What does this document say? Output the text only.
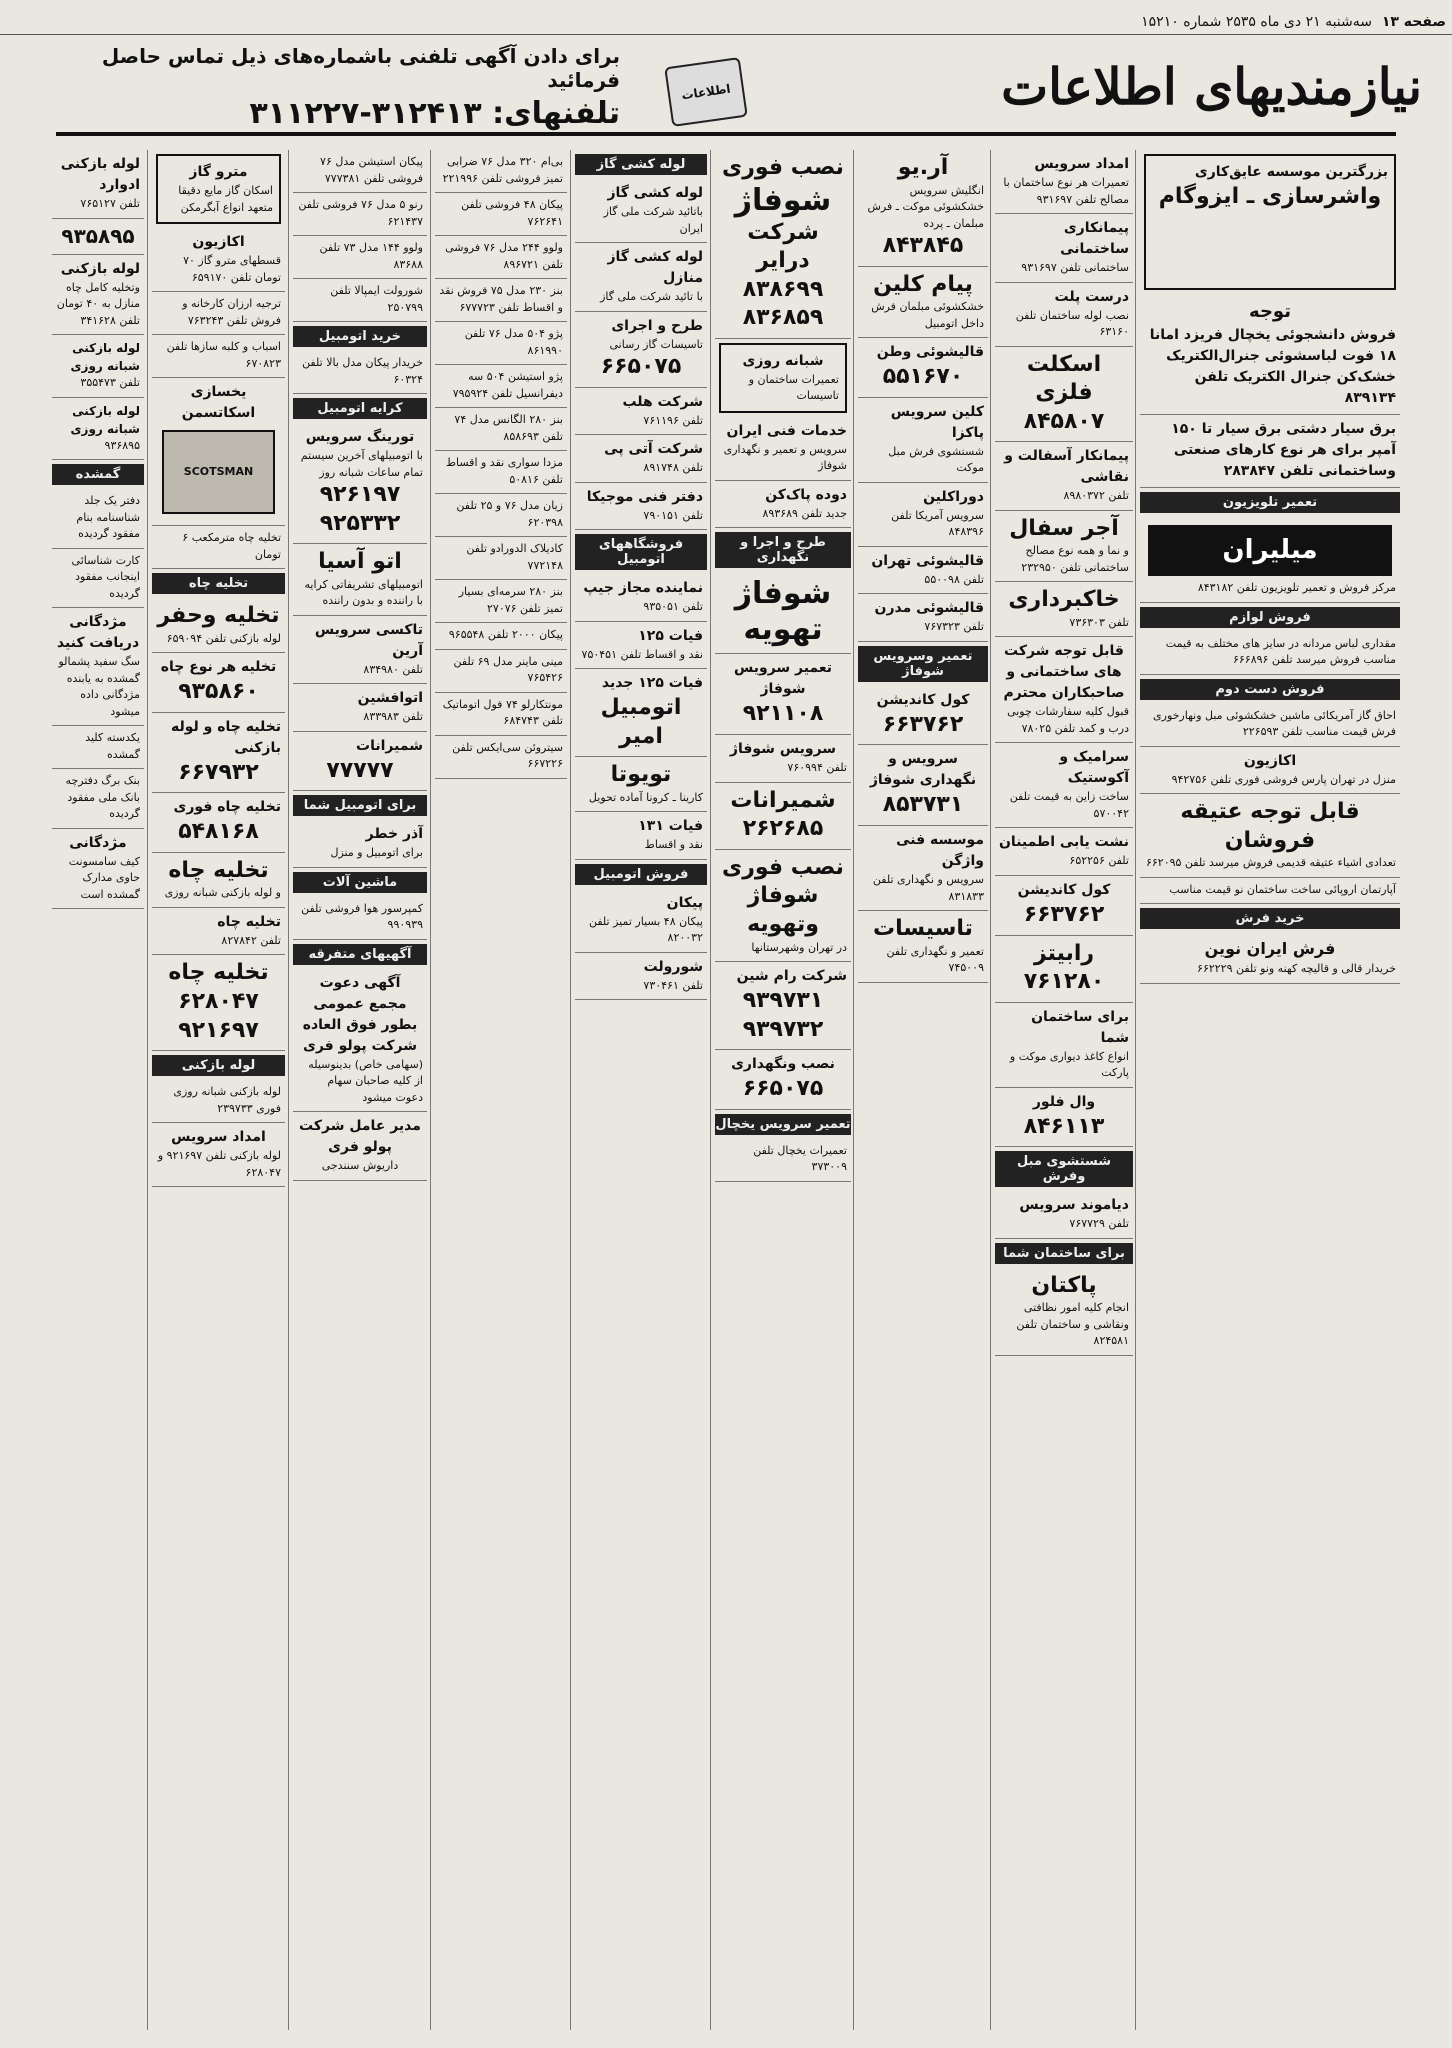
صفحه ۱۳
سه‌شنبه ۲۱ دی ماه ۲۵۳۵ شماره ۱۵۲۱۰
نیازمندیهای اطلاعات
اطلاعات
برای دادن آگهی تلفنی باشماره‌های ذیل تماس حاصل فرمائید
تلفنهای: ۳۱۲۴۱۳-۳۱۱۲۲۷
بزرگترین موسسه عایق‌کاری
واشرسازی ـ ایزوگام
توجه
فروش دانشجوئی یخچال فریزد امانا ۱۸ فوت لباسشوئی جنرال‌الکتریک خشک‌کن جنرال الکتریک تلفن ۸۳۹۱۳۴
برق سیار دشتی برق سیار تا ۱۵۰ آمپر برای هر نوع کارهای صنعتی وساختمانی تلفن ۲۸۳۸۴۷
تعمیر تلویزیون
میلیران
مرکز فروش و تعمیر تلویزیون تلفن ۸۴۳۱۸۲
فروش لوازم
مقداری لباس مردانه در سایز های مختلف به قیمت مناسب فروش میرسد تلفن ۶۶۶۸۹۶
فروش دست دوم
احاق گاز آمریکائی ماشین خشکشوئی مبل ونهارخوری فرش قیمت مناسب تلفن ۲۲۶۵۹۳
اکازیون
منزل در تهران پارس فروشی فوری تلفن ۹۴۲۷۵۶
قابل توجه عتیقه فروشان
تعدادی اشیاء عتیقه قدیمی فروش میرسد تلفن ۶۶۲۰۹۵
آپارتمان اروپائی ساخت ساختمان نو قیمت مناسب
خرید فرش
فرش ایران نوین
خریدار قالی و قالیچه کهنه ونو تلفن ۶۶۲۲۲۹
امداد سرویس
تعمیرات هر نوع ساختمان با مصالح تلفن ۹۳۱۶۹۷
پیمانکاری ساختمانی
ساختمانی تلفن ۹۳۱۶۹۷
درست پلت
نصب لوله ساختمان تلفن ۶۳۱۶۰
اسکلت فلزی
۸۴۵۸۰۷
پیمانکار آسفالت و نقاشی
تلفن ۸۹۸۰۳۷۲
آجر سفال
و نما و همه نوع مصالح ساختمانی تلفن ۲۳۲۹۵۰
خاکبرداری
تلفن ۷۳۶۳۰۳
قابل توجه شرکت های ساختمانی و صاحبکاران محترم
قبول کلیه سفارشات چوبی درب و کمد تلفن ۷۸۰۲۵
سرامیک و آکوستیک
ساخت زاین به قیمت تلفن ۵۷۰۰۴۲
نشت یابی اطمینان
تلفن ۶۵۲۲۵۶
کول کاندیشن
۶۶۳۷۶۲
رابیتز
۷۶۱۲۸۰
برای ساختمان شما
انواع کاغذ دیواری موکت و پارکت
وال فلور
۸۴۶۱۱۳
شستشوی مبل وفرش
دیاموند سرویس
تلفن ۷۶۷۷۲۹
برای ساختمان شما
پاکتان
انجام کلیه امور نظافتی ونقاشی و ساختمان تلفن ۸۲۴۵۸۱
آر.یو
انگلیش سرویس خشکشوئی موکت ـ فرش مبلمان ـ پرده
۸۴۳۸۴۵
پیام کلین
خشکشوئی مبلمان فرش داخل اتومبیل
قالیشوئی وطن
۵۵۱۶۷۰
کلین سرویس پاکزا
شستشوی فرش مبل موکت
دوراکلین
سرویس آمریکا تلفن ۸۴۸۳۹۶
قالیشوئی تهران
تلفن ۵۵۰۰۹۸
قالیشوئی مدرن
تلفن ۷۶۷۳۲۳
تعمیر وسرویس شوفاژ
کول کاندیشن
۶۶۳۷۶۲
سرویس و نگهداری شوفاژ
۸۵۳۷۳۱
موسسه فنی واژگن
سرویس و نگهداری تلفن ۸۳۱۸۳۳
تاسیسات
تعمیر و نگهداری تلفن ۷۴۵۰۰۹
نصب فوری
شوفاژ
شرکت درایر
۸۳۸۶۹۹
۸۳۶۸۵۹
شبانه روزی
تعمیرات ساختمان و تاسیسات
خدمات فنی ایران
سرویس و تعمیر و نگهداری شوفاژ
دوده پاک‌کن
جدید تلفن ۸۹۳۶۸۹
طرح و اجرا و نگهداری
شوفاژ تهویه
تعمیر سرویس شوفاژ
۹۲۱۱۰۸
سرویس شوفاژ
تلفن ۷۶۰۹۹۴
شمیرانات
۲۶۲۶۸۵
نصب فوری
شوفاژ وتهویه
در تهران وشهرستانها
شرکت رام شین
۹۳۹۷۳۱
۹۳۹۷۳۲
نصب ونگهداری
۶۶۵۰۷۵
تعمیر سرویس یخچال
تعمیرات یخچال تلفن ۳۷۳۰۰۹
لوله کشی گاز
لوله کشی گاز
باتائید شرکت ملی گاز ایران
لوله کشی گاز منازل
با تائید شرکت ملی گاز
طرح و اجرای
تاسیسات گاز رسانی
۶۶۵۰۷۵
شرکت هلب
تلفن ۷۶۱۱۹۶
شرکت آتی پی
تلفن ۸۹۱۷۴۸
دفتر فنی موجیکا
تلفن ۷۹۰۱۵۱
فروشگاههای اتومبیل
نماینده مجاز جیپ
تلفن ۹۳۵۰۵۱
فیات ۱۲۵
نقد و اقساط تلفن ۷۵۰۴۵۱
فیات ۱۲۵ جدید
اتومبیل امیر
تویوتا
کارینا ـ کرونا آماده تحویل
فیات ۱۳۱
نقد و اقساط
فروش اتومبیل
پیکان
پیکان ۴۸ بسیار تمیز تلفن ۸۲۰۰۳۲
شورولت
تلفن ۷۳۰۴۶۱
بی‌ام ۳۲۰ مدل ۷۶ ضرابی تمیز فروشی تلفن ۲۲۱۹۹۶
پیکان ۴۸ فروشی تلفن ۷۶۲۶۴۱
ولوو ۲۴۴ مدل ۷۶ فروشی تلفن ۸۹۶۷۲۱
بنز ۲۳۰ مدل ۷۵ فروش نقد و اقساط تلفن ۶۷۷۷۲۳
پژو ۵۰۴ مدل ۷۶ تلفن ۸۶۱۹۹۰
پژو استیشن ۵۰۴ سه دیفرانسیل تلفن ۷۹۵۹۲۴
بنز ۲۸۰ الگانس مدل ۷۴ تلفن ۸۵۸۶۹۳
مزدا سواری نقد و اقساط تلفن ۵۰۸۱۶
زیان مدل ۷۶ و ۲۵ تلفن ۶۲۰۳۹۸
کادیلاک الدورادو تلفن ۷۷۲۱۴۸
بنز ۲۸۰ سرمه‌ای بسیار تمیز تلفن ۲۷۰۷۶
پیکان ۲۰۰۰ تلفن ۹۶۵۵۴۸
مینی ماینر مدل ۶۹ تلفن ۷۶۵۴۲۶
مونتکارلو ۷۴ فول اتوماتیک تلفن ۶۸۴۷۴۳
سیتروئن سی‌ایکس تلفن ۶۶۷۲۲۶
پیکان استیشن مدل ۷۶ فروشی تلفن ۷۷۷۳۸۱
رنو ۵ مدل ۷۶ فروشی تلفن ۶۲۱۴۳۷
ولوو ۱۴۴ مدل ۷۳ تلفن ۸۳۶۸۸
شورولت ایمپالا تلفن ۲۵۰۷۹۹
خرید اتومبیل
خریدار پیکان مدل بالا تلفن ۶۰۳۲۴
کرایه اتومبیل
تورینگ سرویس
با اتومبیلهای آخرین سیستم تمام ساعات شبانه روز
۹۲۶۱۹۷
۹۲۵۳۳۲
اتو آسیا
اتومبیلهای تشریفاتی کرایه با راننده و بدون راننده
تاکسی سرویس آرین
تلفن ۸۳۴۹۸۰
اتوافشین
تلفن ۸۳۳۹۸۳
شمیرانات
۷۷۷۷۷
برای اتومبیل شما
آذر خطر
برای اتومبیل و منزل
ماشین آلات
کمپرسور هوا فروشی تلفن ۹۹۰۹۳۹
آگهیهای متفرقه
آگهی دعوت
مجمع عمومی بطور فوق العاده شرکت پولو فری
(سهامی خاص) بدینوسیله از کلیه صاحبان سهام دعوت میشود
مدیر عامل شرکت پولو فری
داریوش سنندجی
مترو گاز
اسکان گاز مایع دقیقا متعهد انواع آبگرمکن
اکازیون
قسطهای مترو گاز ۷۰ تومان تلفن ۶۵۹۱۷۰
ترجیه ارزان کارخانه و فروش تلفن ۷۶۳۲۴۳
اسباب و کلبه سازها تلفن ۶۷۰۸۲۳
یخسازی اسکاتسمن
SCOTSMAN
تخلیه چاه مترمکعب ۶ تومان
تخلیه چاه
تخلیه وحفر
لوله بازکنی تلفن ۶۵۹۰۹۴
تخلیه هر نوع چاه
۹۳۵۸۶۰
تخلیه چاه و لوله بازکنی
۶۶۷۹۳۲
تخلیه چاه فوری
۵۴۸۱۶۸
تخلیه چاه
و لوله بازکنی شبانه روزی
تخلیه چاه
تلفن ۸۲۷۸۴۲
تخلیه چاه
۶۲۸۰۴۷
۹۲۱۶۹۷
لوله بازکنی
لوله بازکنی شبانه روزی فوری ۲۳۹۷۳۳
امداد سرویس
لوله بازکنی تلفن ۹۲۱۶۹۷ و ۶۲۸۰۴۷
لوله بازکنی ادوارد
تلفن ۷۶۵۱۲۷
۹۳۵۸۹۵
لوله بازکنی
وتخلیه کامل چاه منازل به ۴۰ تومان تلفن ۳۴۱۶۲۸
لوله بازکنی شبانه روزی
تلفن ۳۵۵۴۷۳
لوله بازکنی شبانه روزی
۹۳۶۸۹۵
گمشده
دفتر یک جلد شناسنامه بنام مفقود گردیده
کارت شناسائی اینجانب مفقود گردیده
مژدگانی دریافت کنید
سگ سفید پشمالو گمشده به یابنده مژدگانی داده میشود
یکدسته کلید گمشده
بنک برگ دفترچه بانک ملی مفقود گردیده
مژدگانی
کیف سامسونت حاوی مدارک گمشده است
